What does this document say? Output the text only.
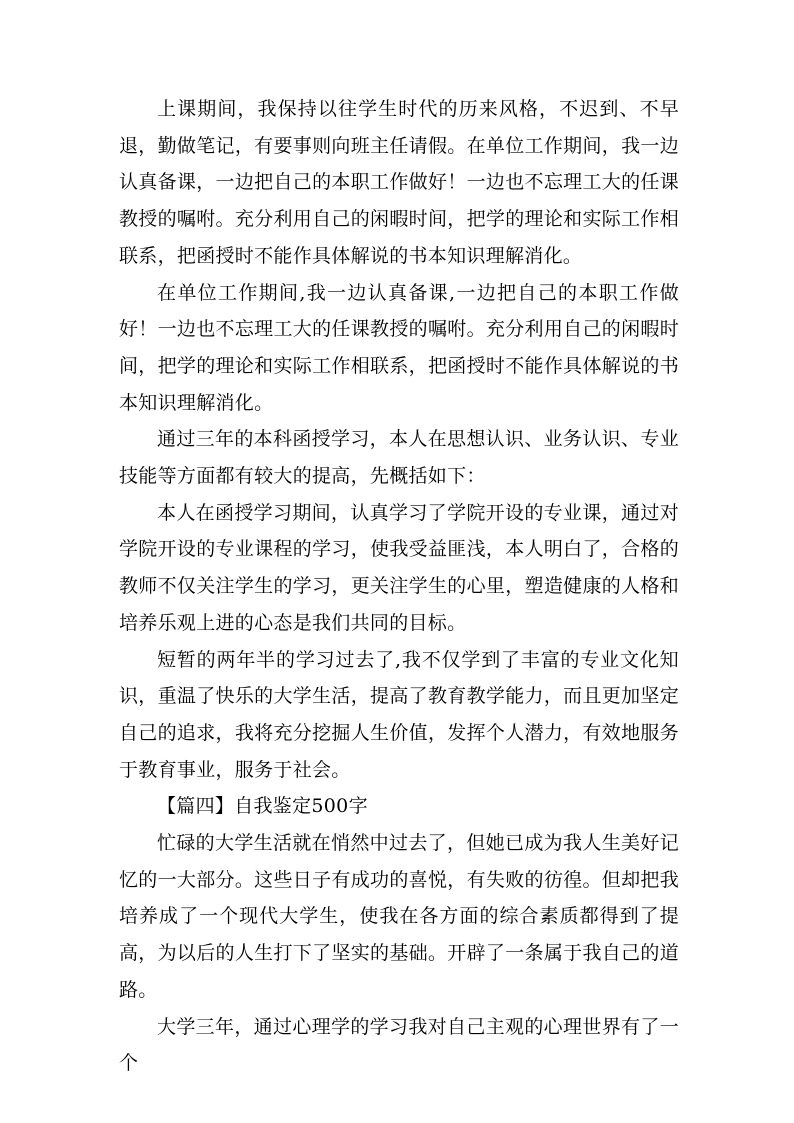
上课期间，我保持以往学生时代的历来风格，不迟到、不早退，勤做笔记，有要事则向班主任请假。在单位工作期间，我一边认真备课，一边把自己的本职工作做好！一边也不忘理工大的任课教授的嘱咐。充分利用自己的闲暇时间，把学的理论和实际工作相联系，把函授时不能作具体解说的书本知识理解消化。

在单位工作期间,我一边认真备课,一边把自己的本职工作做好！一边也不忘理工大的任课教授的嘱咐。充分利用自己的闲暇时间，把学的理论和实际工作相联系，把函授时不能作具体解说的书本知识理解消化。

通过三年的本科函授学习，本人在思想认识、业务认识、专业技能等方面都有较大的提高，先概括如下：

本人在函授学习期间，认真学习了学院开设的专业课，通过对学院开设的专业课程的学习，使我受益匪浅，本人明白了，合格的教师不仅关注学生的学习，更关注学生的心里，塑造健康的人格和培养乐观上进的心态是我们共同的目标。

短暂的两年半的学习过去了,我不仅学到了丰富的专业文化知识，重温了快乐的大学生活，提高了教育教学能力，而且更加坚定自己的追求，我将充分挖掘人生价值，发挥个人潜力，有效地服务于教育事业，服务于社会。

【篇四】自我鉴定500字

忙碌的大学生活就在悄然中过去了，但她已成为我人生美好记忆的一大部分。这些日子有成功的喜悦，有失败的彷徨。但却把我培养成了一个现代大学生，使我在各方面的综合素质都得到了提高，为以后的人生打下了坚实的基础。开辟了一条属于我自己的道路。

大学三年，通过心理学的学习我对自己主观的心理世界有了一个
